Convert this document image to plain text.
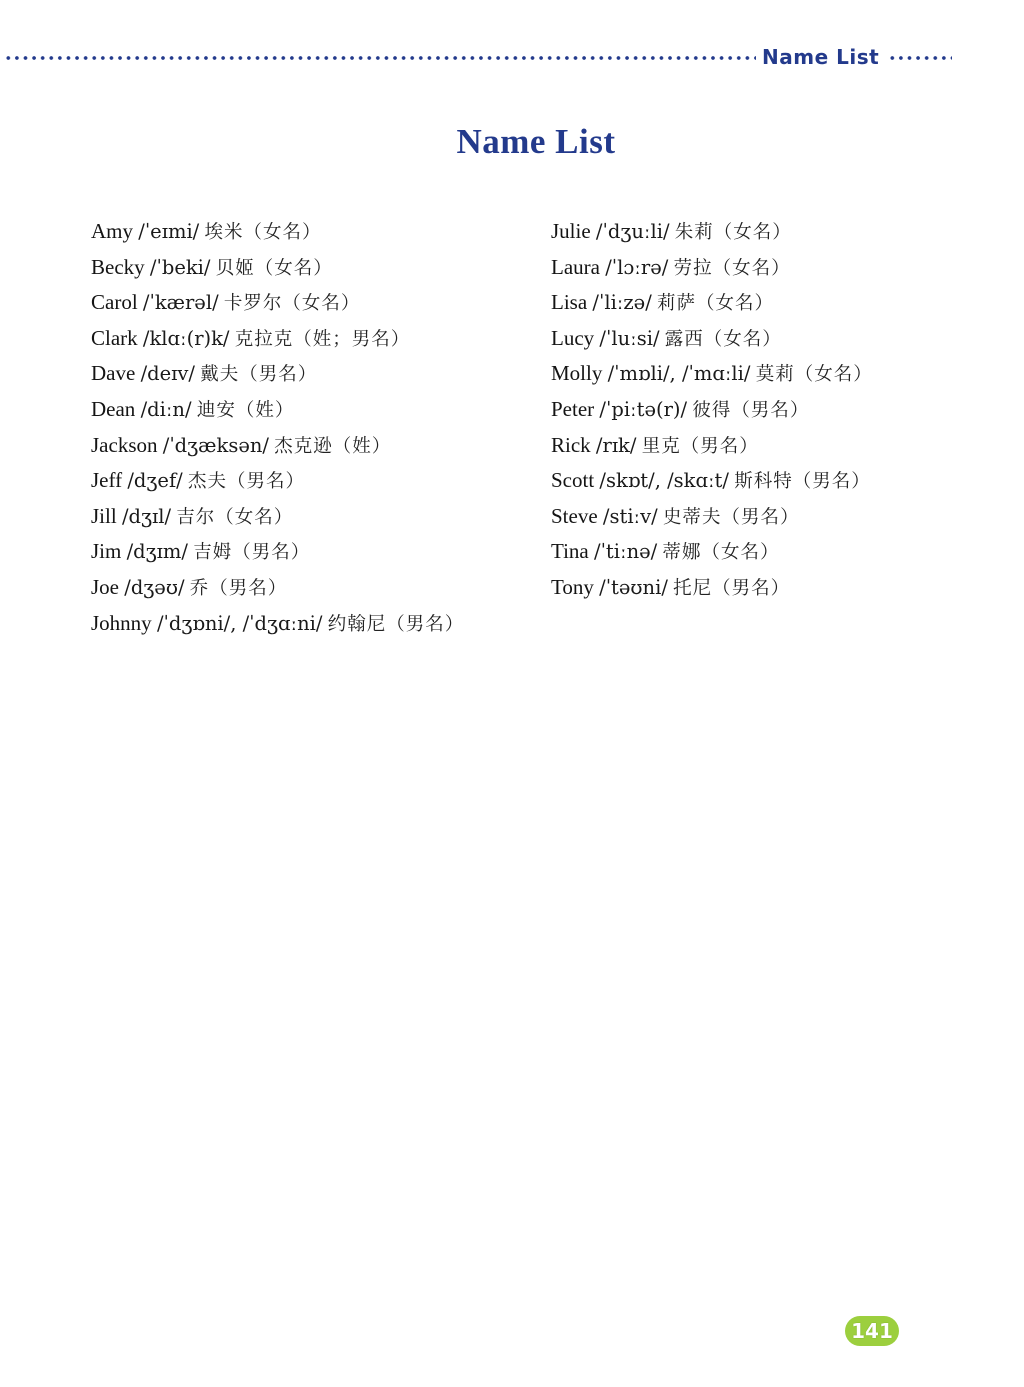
Name List
Name List
Amy /ˈeɪmi/ 埃米（女名）
Becky /ˈbeki/ 贝姬（女名）
Carol /ˈkærəl/ 卡罗尔（女名）
Clark /klɑː(r)k/ 克拉克（姓；男名）
Dave /deɪv/ 戴夫（男名）
Dean /diːn/ 迪安（姓）
Jackson /ˈdʒæksən/ 杰克逊（姓）
Jeff /dʒef/ 杰夫（男名）
Jill /dʒɪl/ 吉尔（女名）
Jim /dʒɪm/ 吉姆（男名）
Joe /dʒəʊ/ 乔（男名）
Johnny /ˈdʒɒni/, /ˈdʒɑːni/ 约翰尼（男名）
Julie /ˈdʒuːli/ 朱莉（女名）
Laura /ˈlɔːrə/ 劳拉（女名）
Lisa /ˈliːzə/ 莉萨（女名）
Lucy /ˈluːsi/ 露西（女名）
Molly /ˈmɒli/, /ˈmɑːli/ 莫莉（女名）
Peter /ˈpiːtə(r)/ 彼得（男名）
Rick /rɪk/ 里克（男名）
Scott /skɒt/, /skɑːt/ 斯科特（男名）
Steve /stiːv/ 史蒂夫（男名）
Tina /ˈtiːnə/ 蒂娜（女名）
Tony /ˈtəʊni/ 托尼（男名）
141
